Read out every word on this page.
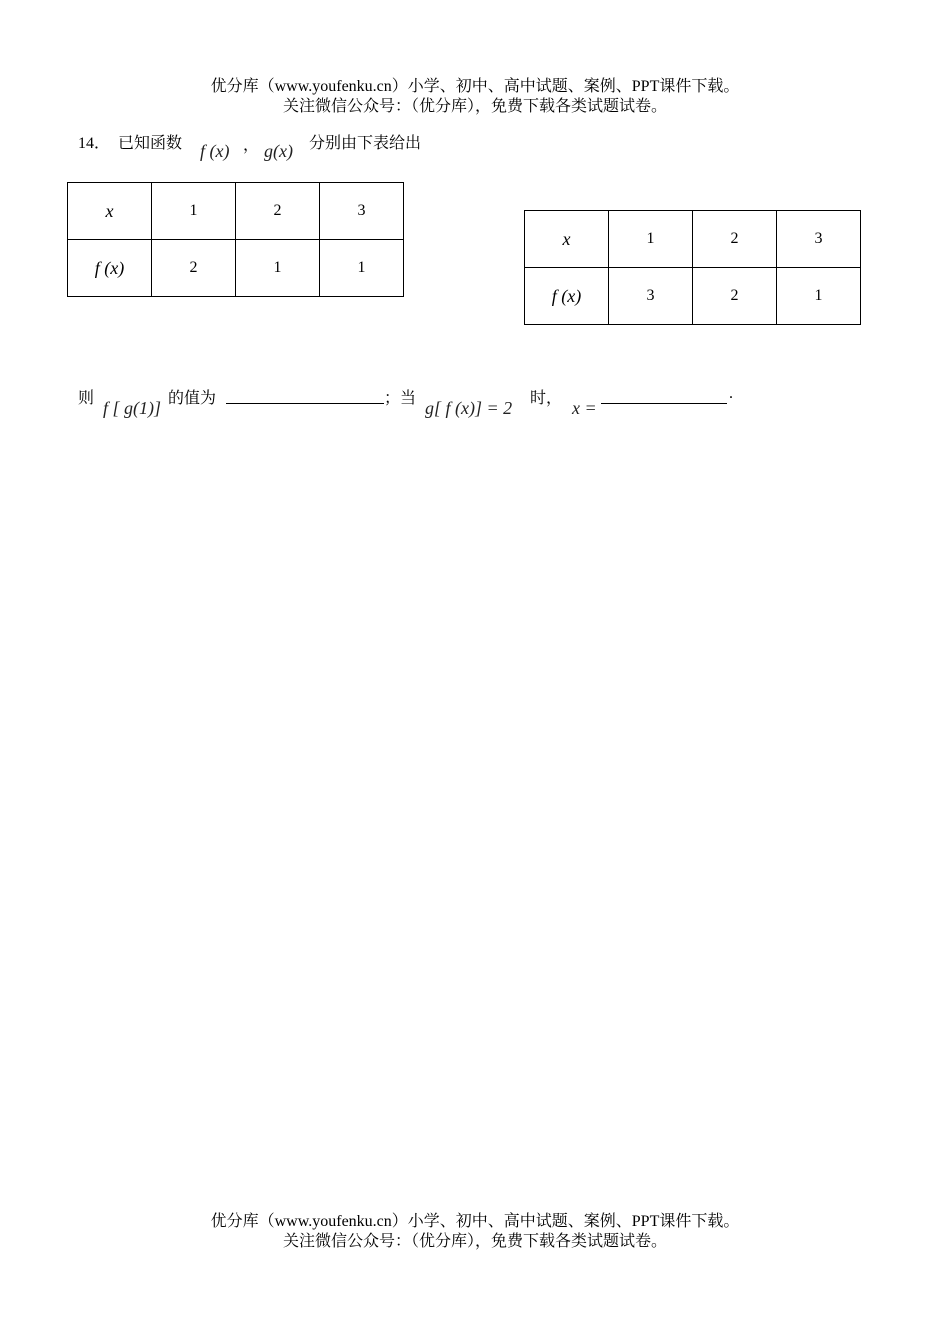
优分库（www.youfenku.cn）小学、初中、高中试题、案例、PPT课件下载。
关注微信公众号：（优分库），免费下载各类试题试卷。
14． 已知函数 f (x) ， g(x) 分别由下表给出
x	1	2	3
f (x)	2	1	1
x	1	2	3
f (x)	3	2	1
则 f [ g(1)] 的值为	；当 g[ f (x)] = 2 时， x =
.
优分库（www.youfenku.cn）小学、初中、高中试题、案例、PPT课件下载。
关注微信公众号：（优分库），免费下载各类试题试卷。
